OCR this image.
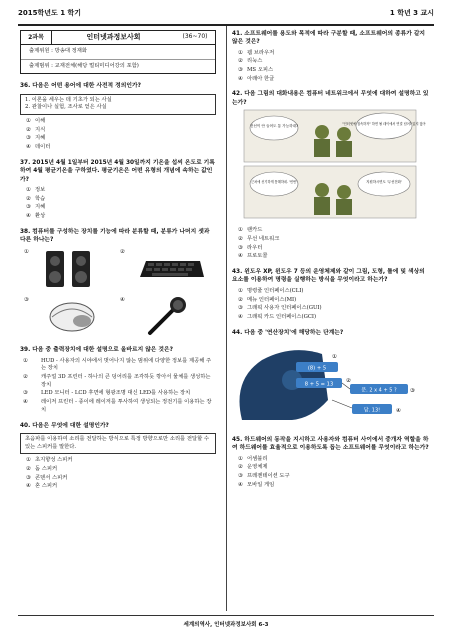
2015학년도 1 학기	1 학년 3 교시
2과목	인터넷과정보사회	(36~70)
출제위원 : 방송대 정재화
출제범위 : 교재전체(해당 멀티미디어강의 포함)
36. 다음은 어떤 용어에 대한 사전적 정의인가?
1. 이론을 세우는 데 기초가 되는 사실
2. 관찰이나 실험, 조사로 얻은 사실
① 이해
② 지식
③ 지혜
④ 데이터
37. 2015년 4월 1일부터 2015년 4월 30일까지 기온을 섭씨 온도로 기록하여 4월 평균기온을 구하였다. 평균기온은 어떤 유형의 개념에 속하는 값인가?
① 정보
② 학습
③ 지혜
④ 환상
38. 컴퓨터를 구성하는 장치를 기능에 따라 분류할 때, 분류가 나머지 셋과 다른 하나는?
①	②
③	④
39. 다음 중 출력장치에 대한 설명으로 올바르지 않은 것은?
①	HUD - 사용자의 시야에서 벗어나지 않는 범위에 다양한 정보를 제공해 주는 장치
②	캐주얼 3D 프린터 - 하나의 큰 덩어리를 조각하듯 깎아서 물체를 생성하는 장치
③	LED 모니터 - LCD 후면에 형광조명 대신 LED를 사용하는 장치
④	레이저 프린터 - 종이에 레이저를 투사하여 생성되는 정전기를 이용하는 장치
40. 다음은 무엇에 대한 설명인가?
초음파를 이용하여 소리를 전달하는 방식으로 특정 방향으로만 소리를 전달할 수 있는 스피커를 말한다.
① 초지향성 스피커
② 돔 스피커
③ 콘덴서 스피커
④ 혼 스피커
41. 소프트웨어를 용도와 목적에 따라 구분할 때, 소프트웨어의 종류가 같지 않은 것은?
① 웹 브라우저
② 리눅스
③ MS 오피스
④ 아래아 한글
42. 다음 그림의 대화내용은 컴퓨터 네트워크에서 무엇에 대하여 설명하고 있는가?
전선이 안 들어도 통 가능하대?	"인터넷에 접속하자" 하면 될 데이에서 연결 넘어? 있지 않아
근처에 신기하게 통해하네. '빈번'	지원하시면도 '무선전화'
① 랜카드
② 무선 네트워크
③ 라우터
④ 프로토콜
43. 윈도우 XP, 윈도우 7 등의 운영체제와 같이 그림, 도형, 틀에 및 색상의 요소를 이용하여 명령을 실행하는 방식을 무엇이라고 하는가?
① 명령줄 인터페이스(CLI)
② 메뉴 인터페이스(MI)
③ 그래픽 사용자 인터페이스(GUI)
④ 그래픽 카드 인터페이스(GCI)
44. 다음 중 '연산장치'에 해당하는 단계는?
(8) + 5
8 + 5 = 13
문. 2 x 4 + 5 ?
답. 13!
①
②
③
④
45. 하드웨어의 동작을 지시하고 사용자와 컴퓨터 사이에서 중개자 역할을 하여 하드웨어를 효율적으로 이용하도록 돕는 소프트웨어를 무엇이라고 하는가?
① 어셈블리
② 운영체제
③ 프레젠테이션 도구
④ 모바일 게임
세계의역사, 인터넷과정보사회 6-3
